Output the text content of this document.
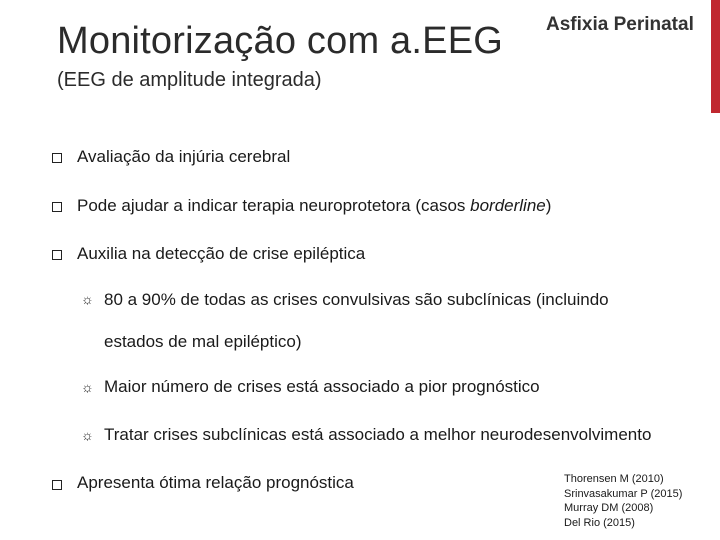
Monitorização com a.EEG Asfixia Perinatal
(EEG de amplitude integrada)
Avaliação da injúria cerebral
Pode ajudar a indicar terapia neuroprotetora (casos borderline)
Auxilia na detecção de crise epiléptica
☼ 80 a 90% de todas as crises convulsivas são subclínicas (incluindo
estados de mal epiléptico)
☼ Maior número de crises está associado a pior prognóstico
☼ Tratar crises subclínicas está associado a melhor neurodesenvolvimento
Apresenta ótima relação prognóstica	Thorensen M (2010)
Srinvasakumar P (2015)
Murray DM (2008)
Del Rio (2015)
